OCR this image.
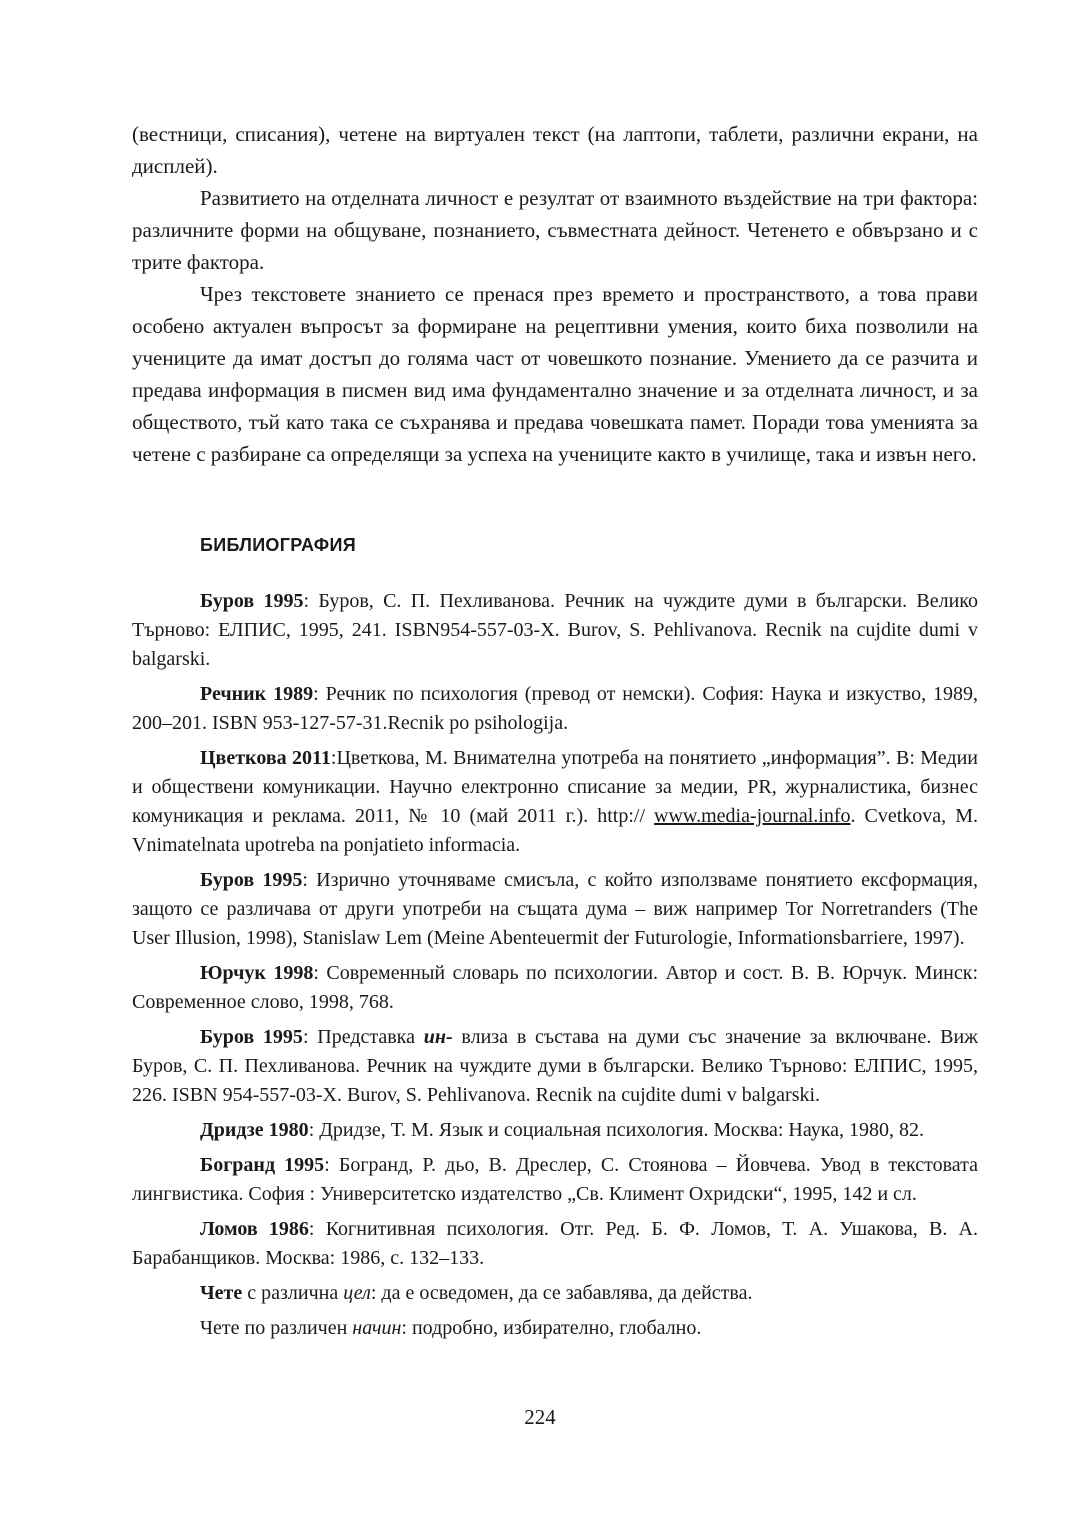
(вестници, списания), четене на виртуален текст (на лаптопи, таблети, различни екрани, на дисплей).

Развитието на отделната личност е резултат от взаимното въздействие на три фактора: различните форми на общуване, познанието, съвместната дейност. Четенето е обвързано и с трите фактора.

Чрез текстовете знанието се пренася през времето и пространството, а това прави особено актуален въпросът за формиране на рецептивни умения, които биха позволили на учениците да имат достъп до голяма част от човешкото познание. Умението да се разчита и предава информация в писмен вид има фундаментално значение и за отделната личност, и за обществото, тъй като така се съхранява и предава човешката памет. Поради това уменията за четене с разбиране са определящи за успеха на учениците както в училище, така и извън него.

БИБЛИОГРАФИЯ

Буров 1995: Буров, С. П. Пехливанова. Речник на чуждите думи в български. Велико Търново: ЕЛПИС, 1995, 241. ISBN954-557-03-X. Burov, S. Pehlivanova. Recnik na cujdite dumi v balgarski.

Речник 1989: Речник по психология (превод от немски). София: Наука и изкуство, 1989, 200–201. ISBN 953-127-57-31.Recnik po psihologija.

Цветкова 2011:Цветкова, М. Внимателна употреба на понятието „информация”. В: Медии и обществени комуникации. Научно електронно списание за медии, PR, журналистика, бизнес комуникация и реклама. 2011, № 10 (май 2011 г.). http:// www.media-journal.info. Cvetkova, M. Vnimatelnata upotreba na ponjatieto informacia.

Буров 1995: Изрично уточняваме смисъла, с който използваме понятието ексформация, защото се различава от други употреби на същата дума – виж например Tor Norretranders (The User Illusion, 1998), Stanislaw Lem (Meine Abenteuermit der Futurologie, Informationsbarriere, 1997).

Юрчук 1998: Современный словарь по психологии. Автор и сост. В. В. Юрчук. Минск: Современное слово, 1998, 768.

Буров 1995: Представка ин- влиза в състава на думи със значение за включване. Виж Буров, С. П. Пехливанова. Речник на чуждите думи в български. Велико Търново: ЕЛПИС, 1995, 226. ISBN 954-557-03-X. Burov, S. Pehlivanova. Recnik na cujdite dumi v balgarski.

Дридзе 1980: Дридзе, Т. М. Язык и социальная психология. Москва: Наука, 1980, 82.

Богранд 1995: Богранд, Р. дьо, В. Дреслер, С. Стоянова – Йовчева. Увод в текстовата лингвистика. София : Университетско издателство „Св. Климент Охридски“, 1995, 142 и сл.

Ломов 1986: Когнитивная психология. Отг. Ред. Б. Ф. Ломов, Т. А. Ушакова, В. А. Барабанщиков. Москва: 1986, с. 132–133.

Чете с различна цел: да е осведомен, да се забавлява, да действа.

Чете по различен начин: подробно, избирателно, глобално.

224
